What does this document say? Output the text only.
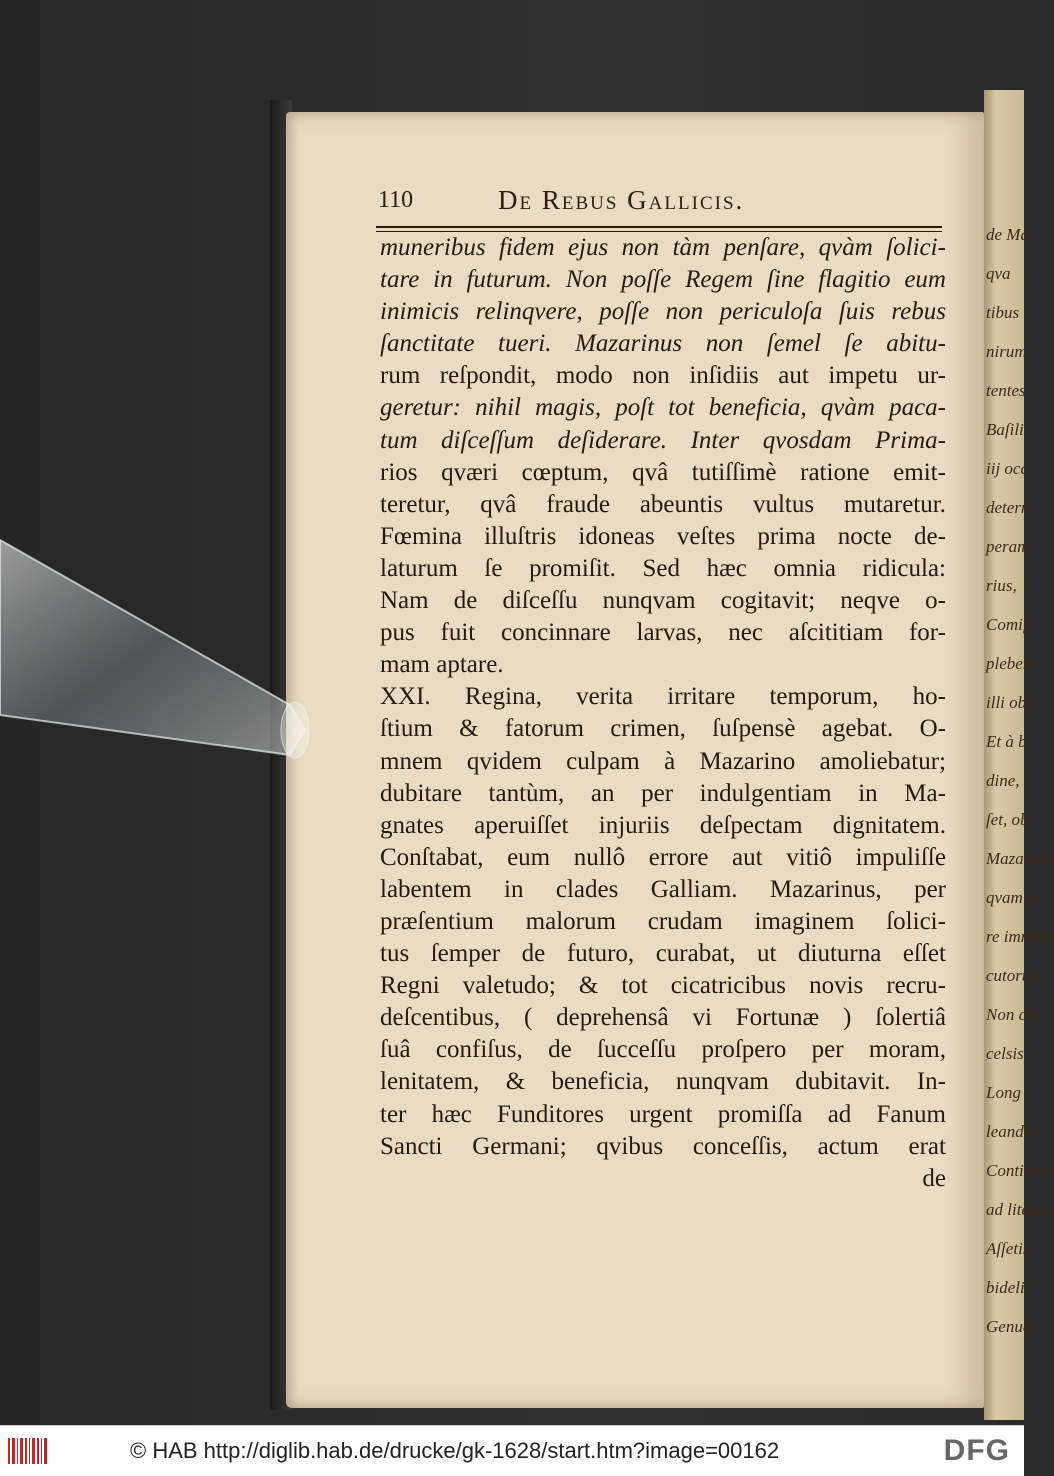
de Ma
qva
tibus
nirum
tentes
Baſili
iij occ
determ
peram
rius,
Comiſſ
plebem
illi obſ
Et à b
dine,
ſet, obſ
Mazarino
qvam pe
re immedi
cutorum
Non ca
celsis
Long
leandi o
Contium
ad litera
Aſſetis,
bidelit
Genua
110	De Rebus Gallicis.
muneribus fidem ejus non tàm penſare, qvàm ſolici-
tare in futurum. Non poſſe Regem ſine flagitio eum
inimicis relinqvere, poſſe non periculoſa ſuis rebus
ſanctitate tueri. Mazarinus non ſemel ſe abitu-
rum reſpondit, modo non inſidiis aut impetu ur-
geretur: nihil magis, poſt tot beneficia, qvàm paca-
tum diſceſſum deſiderare. Inter qvosdam Prima-
rios qværi cœptum, qvâ tutiſſimè ratione emit-
teretur, qvâ fraude abeuntis vultus mutaretur.
Fœmina illuſtris idoneas veſtes prima nocte de-
laturum ſe promiſit. Sed hæc omnia ridicula:
Nam de diſceſſu nunqvam cogitavit; neqve o-
pus fuit concinnare larvas, nec aſcititiam for-
mam aptare.
XXI. Regina, verita irritare temporum, ho-
ſtium & fatorum crimen, ſuſpensè agebat. O-
mnem qvidem culpam à Mazarino amoliebatur;
dubitare tantùm, an per indulgentiam in Ma-
gnates aperuiſſet injuriis deſpectam dignitatem.
Conſtabat, eum nullô errore aut vitiô impuliſſe
labentem in clades Galliam. Mazarinus, per
præſentium malorum crudam imaginem ſolici-
tus ſemper de futuro, curabat, ut diuturna eſſet
Regni valetudo; & tot cicatricibus novis recru-
deſcentibus, ( deprehensâ vi Fortunæ ) ſolertiâ
ſuâ confiſus, de ſucceſſu proſpero per moram,
lenitatem, & beneficia, nunqvam dubitavit. In-
ter hæc Funditores urgent promiſſa ad Fanum
Sancti Germani; qvibus conceſſis, actum erat
de
© HAB http://diglib.hab.de/drucke/gk-1628/start.htm?image=00162	DFG
